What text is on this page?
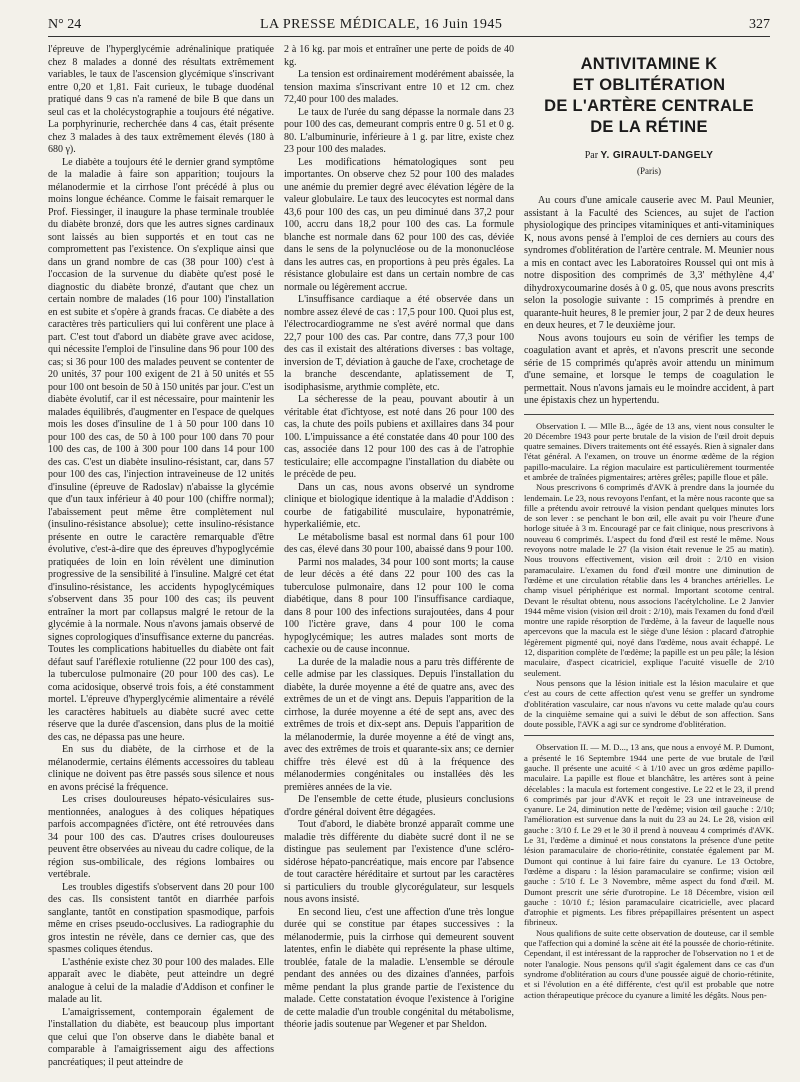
N° 24	LA PRESSE MÉDICALE, 16 Juin 1945	327

l'épreuve de l'hyperglycémie adrénalinique pratiquée chez 8 malades a donné des résultats extrêmement variables, le taux de l'ascension glycémique s'inscrivant entre 0,20 et 1,81. Fait curieux, le tubage duodénal pratiqué dans 9 cas n'a ramené de bile B que dans un seul cas et la cholécystographie a toujours été négative. La porphyrinurie, recherchée dans 4 cas, était présente chez 3 malades à des taux extrêmement élevés (180 à 680 γ).

Le diabète a toujours été le dernier grand symptôme de la maladie à faire son apparition; toujours la mélanodermie et la cirrhose l'ont précédé à plus ou moins longue échéance. Comme le faisait remarquer le Prof. Fiessinger, il inaugure la phase terminale troublée du diabète bronzé, dors que les autres signes cardinaux sont laissés au bien supportés et en tout cas ne compromettent pas l'existence. On s'explique ainsi que dans un grand nombre de cas (38 pour 100) c'est à l'occasion de la survenue du diabète qu'est posé le diagnostic du diabète bronzé, d'autant que chez un certain nombre de malades (16 pour 100) l'installation en est subite et s'opère à grands fracas. Ce diabète a des caractères très particuliers qui lui confèrent une place à part. C'est tout d'abord un diabète grave avec acidose, qui nécessite l'emploi de l'insuline dans 96 pour 100 des cas; si 36 pour 100 des malades peuvent se contenter de 20 unités, 37 pour 100 exigent de 21 à 50 unités et 55 pour 100 ont besoin de 50 à 150 unités par jour. C'est un diabète évolutif, car il est nécessaire, pour maintenir les malades équilibrés, d'augmenter en l'espace de quelques mois les doses d'insuline de 1 à 50 pour 100 dans 10 pour 100 des cas, de 50 à 100 pour 100 dans 70 pour 100 des cas, de 100 à 300 pour 100 dans 14 pour 100 des cas. C'est un diabète insulino-résistant, car, dans 57 pour 100 des cas, l'injection intraveineuse de 12 unités d'insuline (épreuve de Radoslav) n'abaisse la glycémie que d'un taux inférieur à 40 pour 100 (chiffre normal); l'abaissement peut même être complètement nul (insulino-résistance absolue); cette insulino-résistance présente en outre le caractère remarquable d'être évolutive, c'est-à-dire que des épreuves d'hypoglycémie pratiquées de loin en loin révèlent une diminution progressive de la sensibilité à l'insuline. Malgré cet état d'insulino-résistance, les accidents hypoglycémiques s'observent dans 35 pour 100 des cas; ils peuvent entraîner la mort par collapsus malgré le retour de la glycémie à la normale. Nous n'avons jamais observé de signes coprologiques d'insuffisance externe du pancréas. Toutes les complications habituelles du diabète ont fait défaut sauf l'aréflexie rotulienne (22 pour 100 des cas), la tuberculose pulmonaire (20 pour 100 des cas). Le coma acidosique, observé trois fois, a été constamment mortel. L'épreuve d'hyperglycémie alimentaire a révélé les caractères habituels au diabète sucré avec cette réserve que la durée d'ascension, dans plus de la moitié des cas, ne dépassa pas une heure.

En sus du diabète, de la cirrhose et de la mélanodermie, certains éléments accessoires du tableau clinique ne doivent pas être passés sous silence et nous en avons précisé la fréquence.

Les crises douloureuses hépato-vésiculaires sus-mentionnées, analogues à des coliques hépatiques parfois accompagnées d'ictère, ont été retrouvées dans 34 pour 100 des cas. D'autres crises douloureuses peuvent être observées au niveau du cadre colique, de la région sus-ombilicale, des régions lombaires ou vertébrale.

Les troubles digestifs s'observent dans 20 pour 100 des cas. Ils consistent tantôt en diarrhée parfois sanglante, tantôt en constipation spasmodique, parfois même en crises pseudo-occlusives. La radiographie du gros intestin ne révèle, dans ce dernier cas, que des spasmes coliques étendus.

L'asthénie existe chez 30 pour 100 des malades. Elle apparaît avec le diabète, peut atteindre un degré analogue à celui de la maladie d'Addison et confiner le malade au lit.

L'amaigrissement, contemporain également de l'installation du diabète, est beaucoup plus important que celui que l'on observe dans le diabète banal et comparable à l'amaigrissement aigu des affections pancréatiques; il peut atteindre de

2 à 16 kg. par mois et entraîner une perte de poids de 40 kg.

La tension est ordinairement modérément abaissée, la tension maxima s'inscrivant entre 10 et 12 cm. chez 72,40 pour 100 des malades.

Le taux de l'urée du sang dépasse la normale dans 23 pour 100 des cas, demeurant compris entre 0 g. 51 et 0 g. 80. L'albuminurie, inférieure à 1 g. par litre, existe chez 23 pour 100 des malades.

Les modifications hématologiques sont peu importantes. On observe chez 52 pour 100 des malades une anémie du premier degré avec élévation légère de la valeur globulaire. Le taux des leucocytes est normal dans 43,6 pour 100 des cas, un peu diminué dans 37,2 pour 100, accru dans 18,2 pour 100 des cas. La formule blanche est normale dans 62 pour 100 des cas, déviée dans le sens de la polynucléose ou de la mononucléose dans les autres cas, en proportions à peu près égales. La résistance globulaire est dans un certain nombre de cas normale ou légèrement accrue.

L'insuffisance cardiaque a été observée dans un nombre assez élevé de cas : 17,5 pour 100. Quoi plus est, l'électrocardiogramme ne s'est avéré normal que dans 22,7 pour 100 des cas. Par contre, dans 77,3 pour 100 des cas il existait des altérations diverses : bas voltage, inversion de T, déviation à gauche de l'axe, crochetage de la branche descendante, aplatissement de T, isodiphasisme, arythmie complète, etc.

La sécheresse de la peau, pouvant aboutir à un véritable état d'ichtyose, est noté dans 26 pour 100 des cas, la chute des poils pubiens et axillaires dans 34 pour 100. L'impuissance a été constatée dans 40 pour 100 des cas, associée dans 12 pour 100 des cas à de l'atrophie testiculaire; elle accompagne l'installation du diabète ou le précède de peu.

Dans un cas, nous avons observé un syndrome clinique et biologique identique à la maladie d'Addison : courbe de fatigabilité musculaire, hyponatrémie, hyperkaliémie, etc.

Le métabolisme basal est normal dans 61 pour 100 des cas, élevé dans 30 pour 100, abaissé dans 9 pour 100.

Parmi nos malades, 34 pour 100 sont morts; la cause de leur décès a été dans 22 pour 100 des cas la tuberculose pulmonaire, dans 12 pour 100 le coma diabétique, dans 8 pour 100 l'insuffisance cardiaque, dans 8 pour 100 des infections surajoutées, dans 4 pour 100 l'ictère grave, dans 4 pour 100 le coma hypoglycémique; les autres malades sont morts de cachexie ou de cause inconnue.

La durée de la maladie nous a paru très différente de celle admise par les classiques. Depuis l'installation du diabète, la durée moyenne a été de quatre ans, avec des extrêmes de un et de vingt ans. Depuis l'apparition de la cirrhose, la durée moyenne a été de sept ans, avec des extrêmes de trois et dix-sept ans. Depuis l'apparition de la mélanodermie, la durée moyenne a été de vingt ans, avec des extrêmes de trois et quarante-six ans; ce dernier chiffre très élevé est dû à la fréquence des mélanodermies congénitales ou installées dès les premières années de la vie.

De l'ensemble de cette étude, plusieurs conclusions d'ordre général doivent être dégagées.

Tout d'abord, le diabète bronzé apparaît comme une maladie très différente du diabète sucré dont il ne se distingue pas seulement par l'existence d'une scléro-sidérose hépato-pancréatique, mais encore par l'absence de tout caractère héréditaire et surtout par les caractères si particuliers du trouble glycorégulateur, sur lesquels nous avons insisté.

En second lieu, c'est une affection d'une très longue durée qui se constitue par étapes successives : la mélanodermie, puis la cirrhose qui demeurent souvent latentes, enfin le diabète qui représente la phase ultime, troublée, fatale de la maladie. L'ensemble se déroule pendant des années ou des dizaines d'années, parfois même pendant la plus grande partie de l'existence du malade. Cette constatation évoque l'existence à l'origine de cette maladie d'un trouble congénital du métabolisme, théorie jadis soutenue par Wegener et par Sheldon.

ANTIVITAMINE K
ET OBLITÉRATION
DE L'ARTÈRE CENTRALE
DE LA RÉTINE
Par Y. GIRAULT-DANGELY
(Paris)

Au cours d'une amicale causerie avec M. Paul Meunier, assistant à la Faculté des Sciences, au sujet de l'action physiologique des principes vitaminiques et anti-vitaminiques K, nous avons pensé à l'emploi de ces derniers au cours des syndromes d'oblitération de l'artère centrale. M. Meunier nous a mis en contact avec les Laboratoires Roussel qui ont mis à notre disposition des comprimés de 3,3' méthylène 4,4' dihydroxycoumarine dosés à 0 g. 05, que nous avons prescrits selon la posologie suivante : 15 comprimés à prendre en quarante-huit heures, 8 le premier jour, 2 par 2 de deux heures en deux heures, et 7 le deuxième jour.

Nous avons toujours eu soin de vérifier les temps de coagulation avant et après, et n'avons prescrit une seconde série de 15 comprimés qu'après avoir attendu un minimum d'une semaine, et lorsque le temps de coagulation le permettait. Nous n'avons jamais eu le moindre accident, à part une épistaxis chez un hypertendu.

Observation I. — Mlle B..., âgée de 13 ans, vient nous consulter le 20 Décembre 1943 pour perte brutale de la vision de l'œil droit depuis quatre semaines. Divers traitements ont été essayés. Rien à signaler dans l'état général. A l'examen, on trouve un énorme œdème de la région papillo-maculaire. La région maculaire est particulièrement tourmentée et ambrée de traînées pigmentaires; artères grêles; papille floue et pâle.

Nous prescrivons 6 comprimés d'AVK à prendre dans la journée du lendemain. Le 23, nous revoyons l'enfant, et la mère nous raconte que sa fille a prétendu avoir retrouvé la vision pendant quelques minutes lors de son lever : se penchant le bon œil, elle avait pu voir l'heure d'une horloge située à 3 m. Encouragé par ce fait clinique, nous prescrivons à nouveau 6 comprimés. L'aspect du fond d'œil est resté le même. Nous revoyons notre malade le 27 (la vision était revenue le 25 au matin). Nous trouvons effectivement, vision œil droit : 2/10 en vision paramaculaire. L'examen du fond d'œil montre une diminution de l'œdème et une circulation rétablie dans les 4 branches artérielles. Le champ visuel périphérique est normal. Important scotome central. Devant le résultat obtenu, nous associons l'acétylcholine. Le 2 Janvier 1944 même vision (vision œil droit : 2/10), mais l'examen du fond d'œil montre une rapide résorption de l'œdème, à la faveur de laquelle nous apercevons que la macula est le siège d'une lésion : placard d'atrophie légèrement pigmenté qui, noyé dans l'œdème, nous avait échappé. Le 12, disparition complète de l'œdème; la papille est un peu pâle; la lésion maculaire, d'aspect cicatriciel, explique l'acuité visuelle de 2/10 seulement.

Nous pensons que la lésion initiale est la lésion maculaire et que c'est au cours de cette affection qu'est venu se greffer un syndrome d'oblitération vasculaire, car nous n'avons vu cette malade qu'au cours de la cinquième semaine qui a suivi le début de son affection. Sans doute possible, l'AVK a agi sur ce syndrome d'oblitération.

Observation II. — M. D..., 13 ans, que nous a envoyé M. P. Dumont, a présenté le 16 Septembre 1944 une perte de vue brutale de l'œil gauche. Il présente une acuité < à 1/10 avec un gros œdème papillo-maculaire. La papille est floue et blanchâtre, les artères sont à peine décelables : la macula est fortement congestive. Le 22 et le 23, il prend 6 comprimés par jour d'AVK et reçoit le 23 une intraveineuse de cyanure. Le 24, diminution nette de l'œdème; vision œil gauche : 2/10; l'amélioration est survenue dans la nuit du 23 au 24. Le 28, vision œil gauche : 3/10 f. Le 29 et le 30 il prend à nouveau 4 comprimés d'AVK. Le 31, l'œdème a diminué et nous constatons la présence d'une petite lésion paramaculaire de chorio-rétinite, constatée également par M. Dumont qui continue à lui faire faire du cyanure. Le 13 Octobre, l'œdème a disparu : la lésion paramaculaire se confirme; vision œil gauche : 5/10 f. Le 3 Novembre, même aspect du fond d'œil. M. Dumont prescrit une série d'urotropine. Le 18 Décembre, vision œil gauche : 10/10 f.; lésion paramaculaire cicatricielle, avec placard d'atrophie et pigments. Les fibres prépapillaires présentent un aspect fibrineux.

Nous qualifions de suite cette observation de douteuse, car il semble que l'affection qui a dominé la scène ait été la poussée de chorio-rétinite. Cependant, il est intéressant de la rapprocher de l'observation no 1 et de noter l'analogie. Nous pensons qu'il s'agit également dans ce cas d'un syndrome d'oblitération au cours d'une poussée aiguë de chorio-rétinite, et si l'évolution en a été différente, c'est qu'il est probable que notre action thérapeutique précoce du cyanure a limité les dégâts. Nous pen-
